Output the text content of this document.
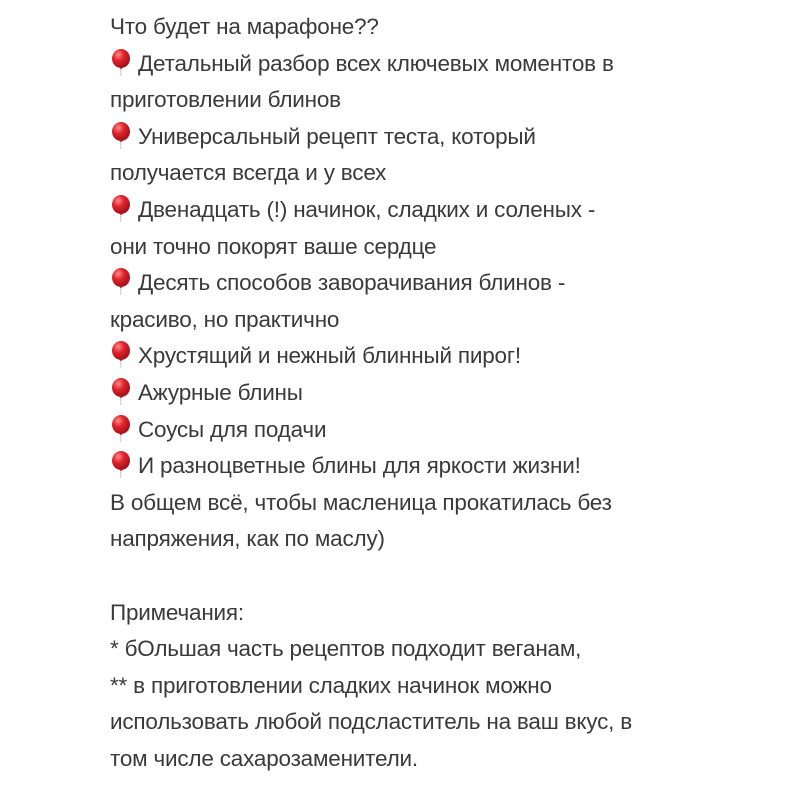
Что будет на марафоне??
Детальный разбор всех ключевых моментов в
приготовлении блинов
Универсальный рецепт теста, который
получается всегда и у всех
Двенадцать (!) начинок, сладких и соленых -
они точно покорят ваше сердце
Десять способов заворачивания блинов -
красиво, но практично
Хрустящий и нежный блинный пирог!
Ажурные блины
Соусы для подачи
И разноцветные блины для яркости жизни!
В общем всё, чтобы масленица прокатилась без
напряжения, как по маслу)
Примечания:
* бОльшая часть рецептов подходит веганам,
** в приготовлении сладких начинок можно
использовать любой подсластитель на ваш вкус, в
том числе сахарозаменители.
